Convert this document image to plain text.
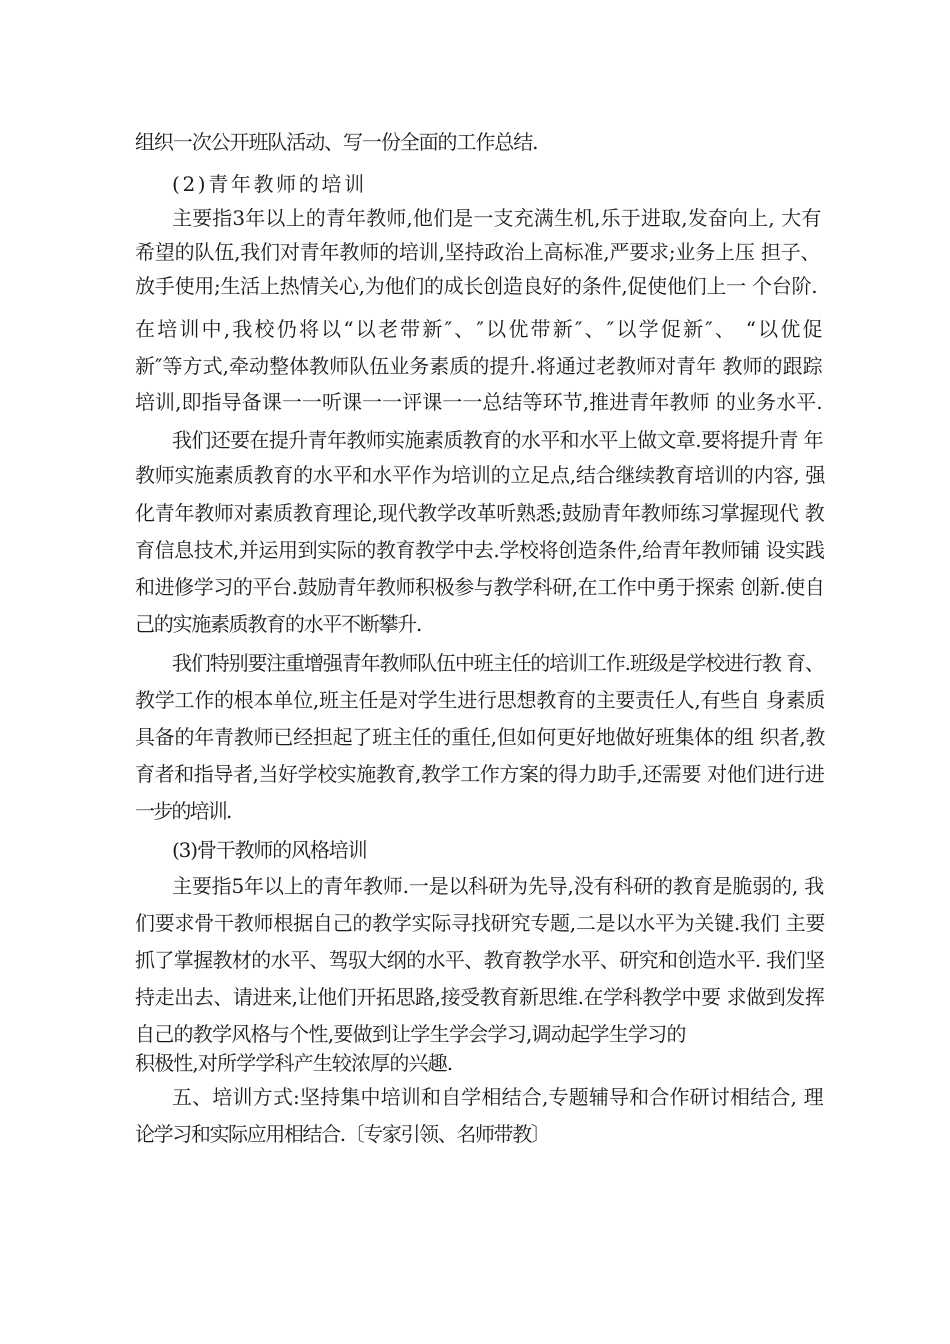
组织一次公开班队活动、写一份全面的工作总结.
(2)青年教师的培训
主要指3年以上的青年教师,他们是一支充满生机,乐于进取,发奋向上, 大有
希望的队伍,我们对青年教师的培训,坚持政治上高标准,严要求;业务上压 担子、
放手使用;生活上热情关心,为他们的成长创造良好的条件,促使他们上一 个台阶.
在培训中,我校仍将以“以老带新″、″以优带新″、″以学促新″、 “以优促
新″等方式,牵动整体教师队伍业务素质的提升.将通过老教师对青年 教师的跟踪
培训,即指导备课一一听课一一评课一一总结等环节,推进青年教师 的业务水平.
我们还要在提升青年教师实施素质教育的水平和水平上做文章.要将提升青 年
教师实施素质教育的水平和水平作为培训的立足点,结合继续教育培训的内容, 强
化青年教师对素质教育理论,现代教学改革听熟悉;鼓励青年教师练习掌握现代 教
育信息技术,并运用到实际的教育教学中去.学校将创造条件,给青年教师铺 设实践
和进修学习的平台.鼓励青年教师积极参与教学科研,在工作中勇于探索 创新.使自
己的实施素质教育的水平不断攀升.
我们特别要注重增强青年教师队伍中班主任的培训工作.班级是学校进行教 育、
教学工作的根本单位,班主任是对学生进行思想教育的主要责任人,有些自 身素质
具备的年青教师已经担起了班主任的重任,但如何更好地做好班集体的组 织者,教
育者和指导者,当好学校实施教育,教学工作方案的得力助手,还需要 对他们进行进
一步的培训.
(3)骨干教师的风格培训
主要指5年以上的青年教师.一是以科研为先导,没有科研的教育是脆弱的, 我
们要求骨干教师根据自己的教学实际寻找研究专题,二是以水平为关键.我们 主要
抓了掌握教材的水平、驾驭大纲的水平、教育教学水平、研究和创造水平. 我们坚
持走出去、请进来,让他们开拓思路,接受教育新思维.在学科教学中要 求做到发挥
自己的教学风格与个性,要做到让学生学会学习,调动起学生学习的
积极性,对所学学科产生较浓厚的兴趣.
五、培训方式:坚持集中培训和自学相结合,专题辅导和合作研讨相结合, 理
论学习和实际应用相结合.〔专家引领、名师带教〕
